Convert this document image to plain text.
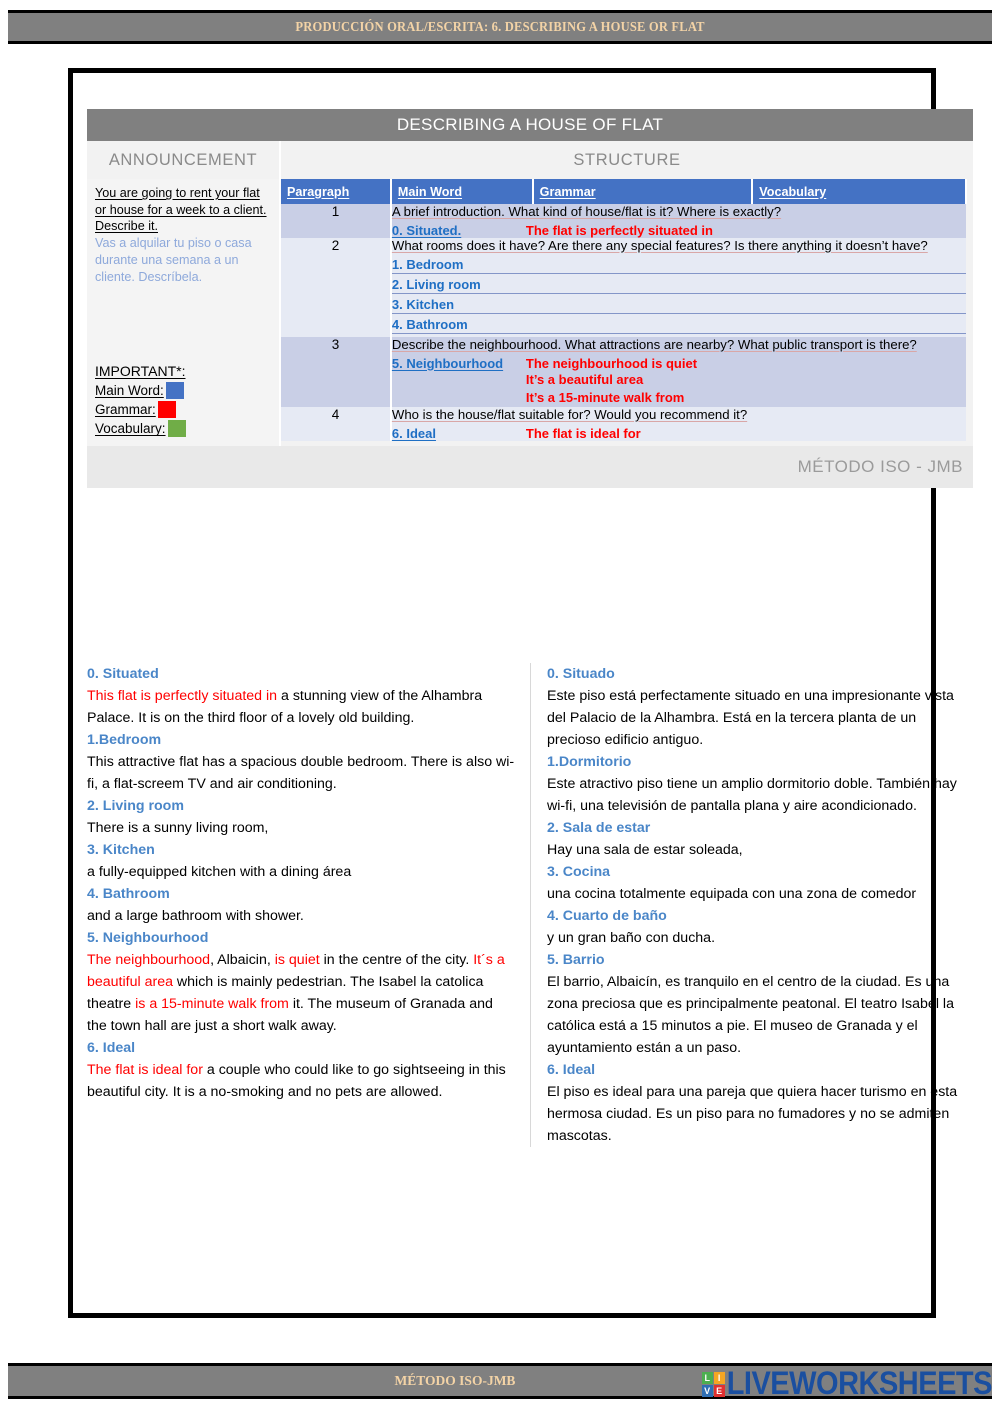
PRODUCCIÓN ORAL/ESCRITA: 6. DESCRIBING A HOUSE OR FLAT
DESCRIBING A HOUSE OF FLAT
ANNOUNCEMENT
You are going to rent your flat or house for a week to a client. Describe it.
Vas a alquilar tu piso o casa durante una semana a un cliente. Descríbela.
IMPORTANT*:
Main Word:
Grammar:
Vocabulary:
STRUCTURE
Paragraph	Main Word	Grammar	Vocabulary
1	A brief introduction. What kind of house/flat is it? Where is exactly?
0. Situated. The flat is perfectly situated in		

2	What rooms does it have? Are there any special features? Is there anything it doesn’t have?
1. Bedroom
2. Living room
3. Kitchen
4. Bathroom		

3	Describe the neighbourhood. What attractions are nearby? What public transport is there?
5. Neighbourhood The neighbourhood is quiet
It’s a beautiful area
It’s a 15-minute walk from		

4	Who is the house/flat suitable for? Would you recommend it?
6. Ideal The flat is ideal for		
MÉTODO ISO - JMB
0. Situated
This flat is perfectly situated in a stunning view of the Alhambra Palace. It is on the third floor of a lovely old building.
1.Bedroom
This attractive flat has a spacious double bedroom. There is also wi-fi, a flat-screem TV and air conditioning.
2. Living room
There is a sunny living room,
3. Kitchen
a fully-equipped kitchen with a dining área
4. Bathroom
and a large bathroom with shower.
5. Neighbourhood
The neighbourhood, Albaicin, is quiet in the centre of the city. It´s a beautiful area which is mainly pedestrian. The Isabel la catolica theatre is a 15-minute walk from it. The museum of Granada and the town hall are just a short walk away.
6. Ideal
The flat is ideal for a couple who could like to go sightseeing in this beautiful city. It is a no-smoking and no pets are allowed.
0. Situado
Este piso está perfectamente situado en una impresionante vista del Palacio de la Alhambra. Está en la tercera planta de un precioso edificio antiguo.
1.Dormitorio
Este atractivo piso tiene un amplio dormitorio doble. También hay wi-fi, una televisión de pantalla plana y aire acondicionado.
2. Sala de estar
Hay una sala de estar soleada,
3. Cocina
una cocina totalmente equipada con una zona de comedor
4. Cuarto de baño
y un gran baño con ducha.
5. Barrio
El barrio, Albaicín, es tranquilo en el centro de la ciudad. Es una zona preciosa que es principalmente peatonal. El teatro Isabel la católica está a 15 minutos a pie. El museo de Granada y el ayuntamiento están a un paso.
6. Ideal
El piso es ideal para una pareja que quiera hacer turismo en esta hermosa ciudad. Es un piso para no fumadores y no se admiten mascotas.
MÉTODO ISO-JMB	L I
V E LIVEWORKSHEETS
